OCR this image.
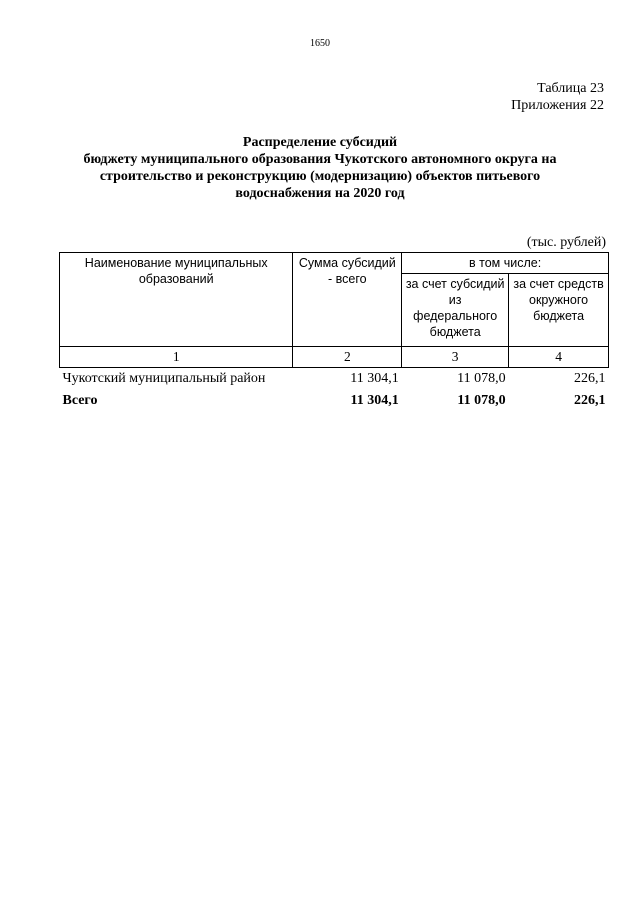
1650
Таблица 23
Приложения 22
Распределение субсидий
бюджету муниципального образования Чукотского автономного округа на
строительство и реконструкцию (модернизацию) объектов питьевого
водоснабжения на 2020 год
(тыс. рублей)
Наименование муниципальных образований	Сумма субсидий - всего	в том числе:	
		за счет субсидий из федерального бюджета	за счет средств окружного бюджета
1	2	3	4
Чукотский муниципальный район	11 304,1	11 078,0	226,1
Всего	11 304,1	11 078,0	226,1
